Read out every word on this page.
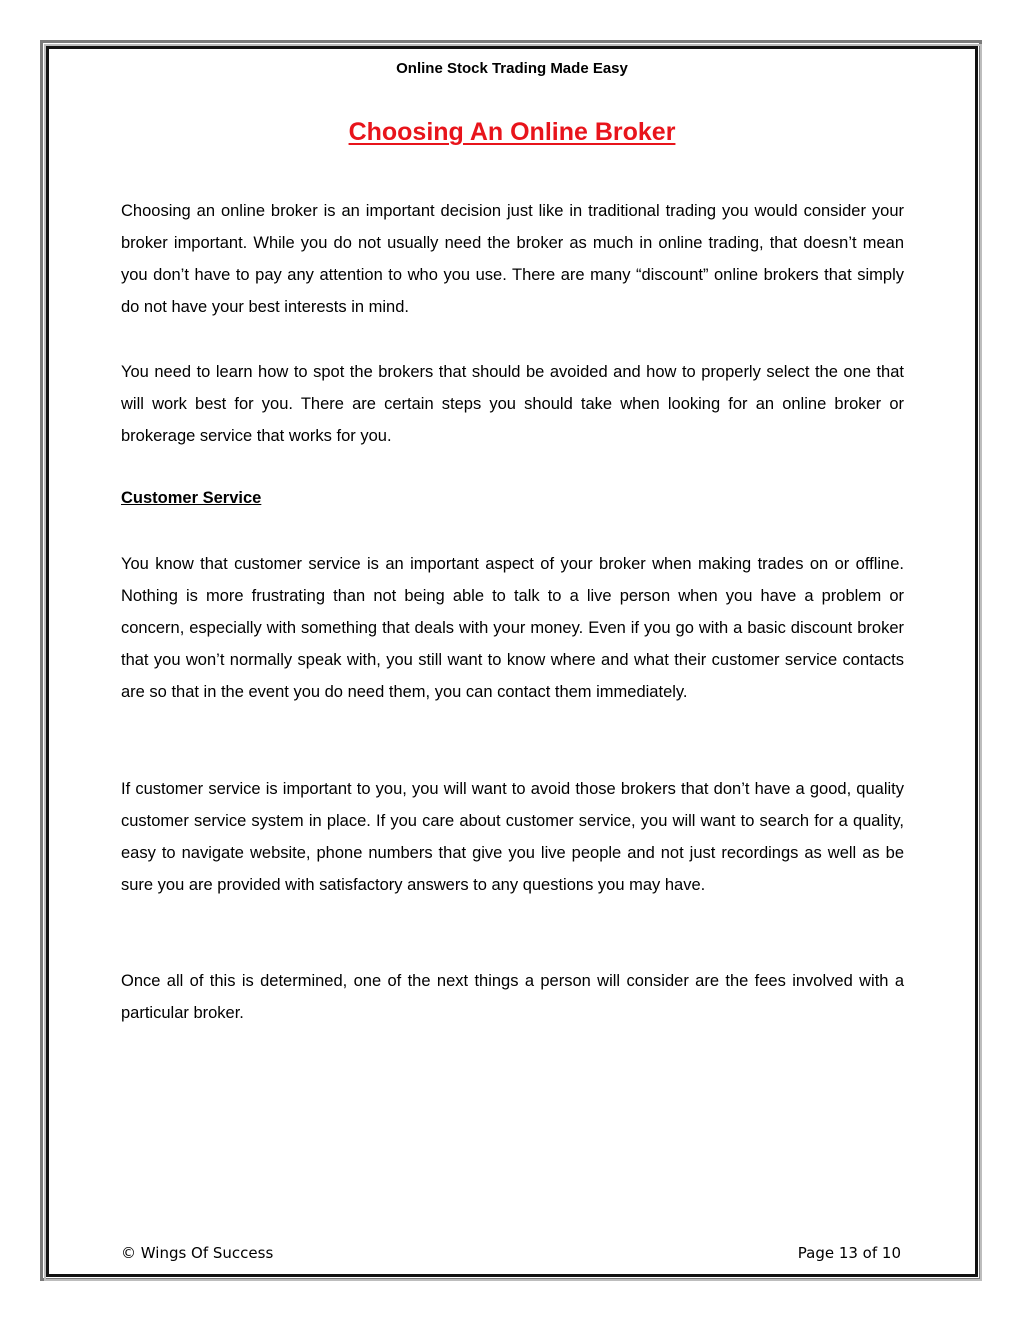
Online Stock Trading Made Easy
Choosing An Online Broker

Choosing an online broker is an important decision just like in traditional trading you would consider your broker important. While you do not usually need the broker as much in online trading, that doesn’t mean you don’t have to pay any attention to who you use. There are many “discount” online brokers that simply do not have your best interests in mind.

You need to learn how to spot the brokers that should be avoided and how to properly select the one that will work best for you. There are certain steps you should take when looking for an online broker or brokerage service that works for you.

Customer Service

You know that customer service is an important aspect of your broker when making trades on or offline. Nothing is more frustrating than not being able to talk to a live person when you have a problem or concern, especially with something that deals with your money. Even if you go with a basic discount broker that you won’t normally speak with, you still want to know where and what their customer service contacts are so that in the event you do need them, you can contact them immediately.

If customer service is important to you, you will want to avoid those brokers that don’t have a good, quality customer service system in place. If you care about customer service, you will want to search for a quality, easy to navigate website, phone numbers that give you live people and not just recordings as well as be sure you are provided with satisfactory answers to any questions you may have.

Once all of this is determined, one of the next things a person will consider are the fees involved with a particular broker.

© Wings Of Success	Page 13 of 10
